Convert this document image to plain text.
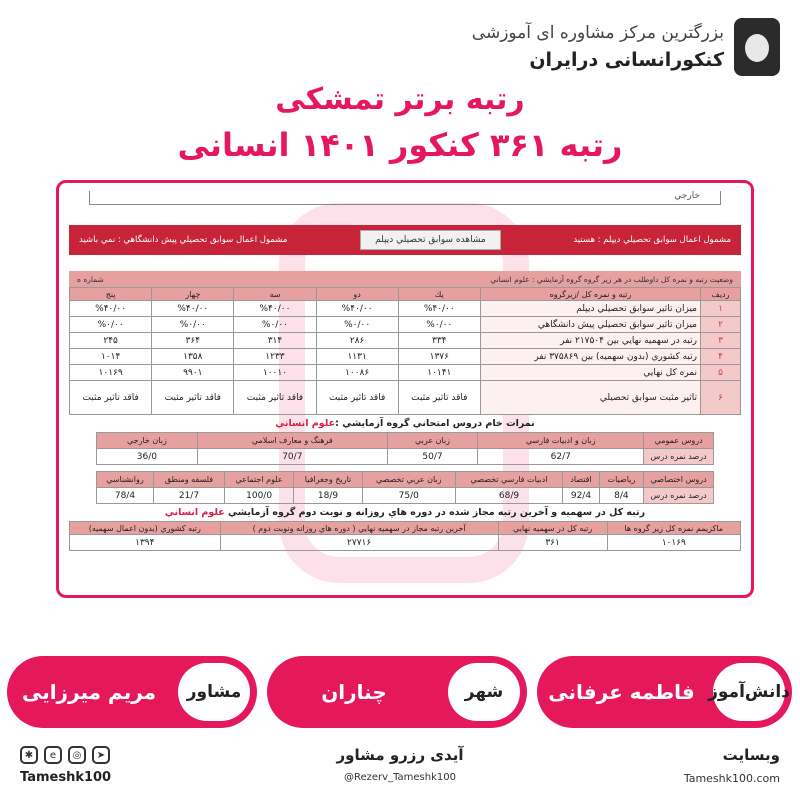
بزرگترین مرکز مشاوره ای آموزشی
کنکورانسانی درایران
رتبه برتر تمشکی
رتبه ۳۶۱ کنکور ۱۴۰۱ انسانی
خارجي
مشمول اعمال سوابق تحصيلي ديپلم : هستيد
مشاهده سوابق تحصيلي ديپلم
مشمول اعمال سوابق تحصيلي پيش دانشگاهي : نمي باشيد
وضعيت رتبه و نمره كل داوطلب در هر زير گروه گروه آزمايشي : علوم انساني
شماره ه
رديف	رتبه و نمره كل /زيرگروه	يك	دو	سه	چهار	پنج
۱	ميزان تاثير سوابق تحصيلي ديپلم	%۴۰/۰۰	%۴۰/۰۰	%۴۰/۰۰	%۴۰/۰۰	%۴۰/۰۰
۲	ميزان تاثير سوابق تحصيلي پيش دانشگاهي	%۰/۰۰	%۰/۰۰	%۰/۰۰	%۰/۰۰	%۰/۰۰
۳	رتبه در سهميه نهايي بين ۲۱۷۵۰۴ نفر	۳۳۴	۲۸۶	۳۱۴	۳۶۴	۲۴۵
۴	رتبه كشوري (بدون سهميه) بين ۳۷۵۸۶۹ نفر	۱۳۷۶	۱۱۳۱	۱۲۳۳	۱۳۵۸	۱۰۱۴
۵	نمره كل نهايي	۱۰۱۴۱	۱۰۰۸۶	۱۰۰۱۰	۹۹۰۱	۱۰۱۶۹
۶	تاثير مثبت سوابق تحصيلي	فاقد تاثير مثبت	فاقد تاثير مثبت	فاقد تاثير مثبت	فاقد تاثير مثبت	فاقد تاثير مثبت
نمرات خام دروس امتحاني گروه آزمايشي :علوم انساني
دروس عمومي	زبان و ادبيات فارسي	زبان عربي	فرهنگ و معارف اسلامي	زبان خارجي
درصد نمره درس	62/7	50/7	70/7	36/0
دروس اختصاصي	رياضيات	اقتصاد	ادبيات فارسي تخصصي	زبان عربي تخصصي	تاريخ وجغرافيا	علوم اجتماعي	فلسفه ومنطق	روانشناسي
درصد نمره درس	8/4	92/4	68/9	75/0	18/9	100/0	21/7	78/4
رتبه كل در سهميه و آخرين رتبه مجاز شده در دوره هاي روزانه و نوبت دوم گروه آزمايشي علوم انساني
ماكزيمم نمره كل زير گروه ها	رتبه كل در سهميه نهايي	آخرين رتبه مجاز در سهميه نهايي ( دوره هاي روزانه ونوبت دوم )	رتبه كشوري (بدون اعمال سهميه)
۱۰۱۶۹	۳۶۱	۲۷۷۱۶	۱۳۹۴
دانش‌آموز
فاطمه عرفانی
شهر
چناران
مشاور
مریم میرزایی
وبسایت
Tameshk100.com
آیدی رزرو مشاور
@Rezerv_Tameshk100
✱	e	◎	➤
Tameshk100
